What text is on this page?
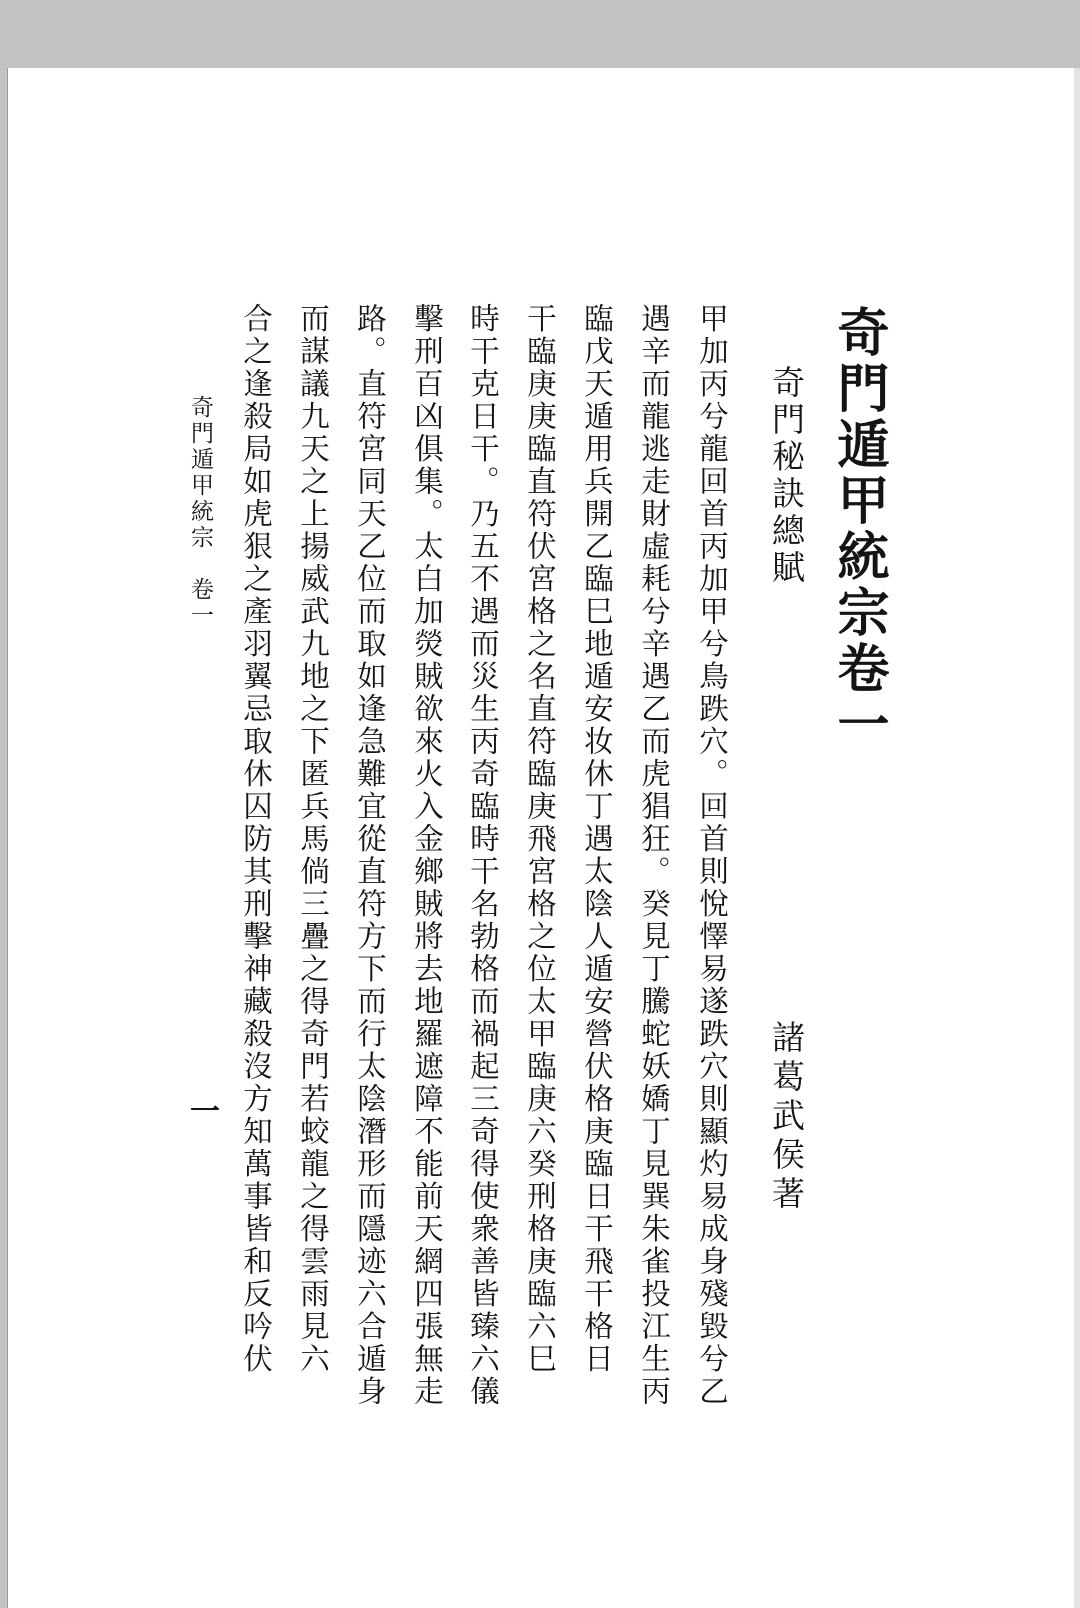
奇門遁甲統宗卷一
奇門秘訣總賦
諸葛武侯著
甲加丙兮龍回首丙加甲兮鳥跌穴。回首則悅懌易遂跌穴則顯灼易成身殘毀兮乙
遇辛而龍逃走財虛耗兮辛遇乙而虎猖狂。癸見丁騰蛇妖嬌丁見巽朱雀投江生丙
臨戊天遁用兵開乙臨巳地遁安妆休丁遇太陰人遁安營伏格庚臨日干飛干格日
干臨庚庚臨直符伏宮格之名直符臨庚飛宮格之位太甲臨庚六癸刑格庚臨六巳
時干克日干。乃五不遇而災生丙奇臨時干名勃格而禍起三奇得使衆善皆臻六儀
擊刑百凶俱集。太白加熒賊欲來火入金鄉賊將去地羅遮障不能前天網四張無走
路。直符宮同天乙位而取如逢急難宜從直符方下而行太陰潛形而隱迹六合遁身
而謀議九天之上揚威武九地之下匿兵馬倘三疊之得奇門若蛟龍之得雲雨見六
合之逢殺局如虎狠之產羽翼忌取休囚防其刑擊神藏殺沒方知萬事皆和反吟伏
奇門遁甲統宗　卷一
一
